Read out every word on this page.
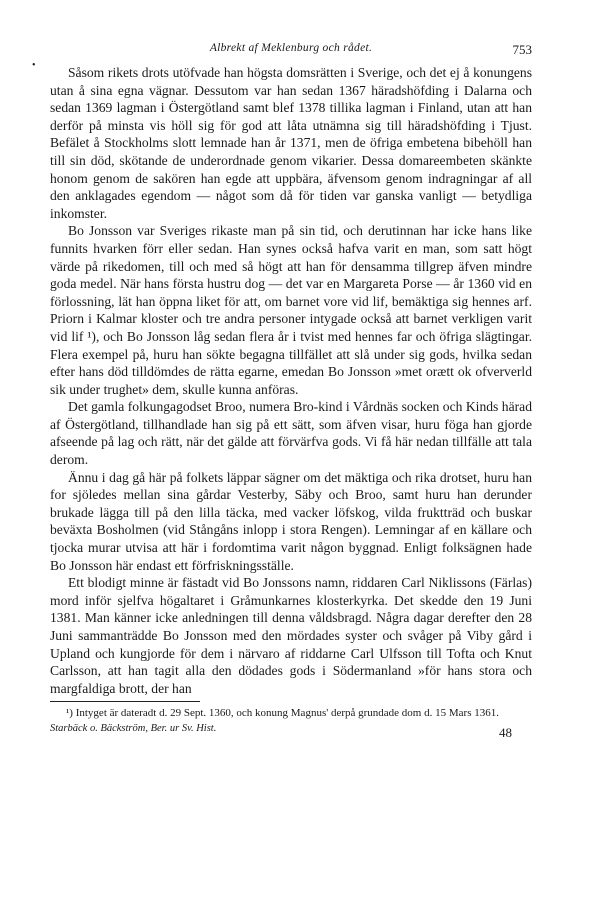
•
Albrekt af Meklenburg och rådet.	753

Såsom rikets drots utöfvade han högsta domsrätten i Sverige, och det ej å konungens utan å sina egna vägnar. Dessutom var han sedan 1367 häradshöfding i Dalarna och sedan 1369 lagman i Östergötland samt blef 1378 tillika lagman i Finland, utan att han derför på minsta vis höll sig för god att låta utnämna sig till häradshöfding i Tjust. Befälet å Stockholms slott lemnade han år 1371, men de öfriga embetena bibehöll han till sin död, skötande de underordnade genom vikarier. Dessa domareembeten skänkte honom genom de sakören han egde att uppbära, äfvensom genom indragningar af all den anklagades egendom — något som då för tiden var ganska vanligt — betydliga inkomster.

Bo Jonsson var Sveriges rikaste man på sin tid, och derutinnan har icke hans like funnits hvarken förr eller sedan. Han synes också hafva varit en man, som satt högt värde på rikedomen, till och med så högt att han för densamma tillgrep äfven mindre goda medel. När hans första hustru dog — det var en Margareta Porse — år 1360 vid en förlossning, lät han öppna liket för att, om barnet vore vid lif, bemäktiga sig hennes arf. Priorn i Kalmar kloster och tre andra personer intygade också att barnet verkligen varit vid lif ¹), och Bo Jonsson låg sedan flera år i tvist med hennes far och öfriga slägtingar. Flera exempel på, huru han sökte begagna tillfället att slå under sig gods, hvilka sedan efter hans död tilldömdes de rätta egarne, emedan Bo Jonsson »met orætt ok ofververld sik under trughet» dem, skulle kunna anföras.

Det gamla folkungagodset Broo, numera Bro-kind i Vårdnäs socken och Kinds härad af Östergötland, tillhandlade han sig på ett sätt, som äfven visar, huru föga han gjorde afseende på lag och rätt, när det gälde att förvärfva gods. Vi få här nedan tillfälle att tala derom.

Ännu i dag gå här på folkets läppar sägner om det mäktiga och rika drotset, huru han for sjöledes mellan sina gårdar Vesterby, Säby och Broo, samt huru han derunder brukade lägga till på den lilla täcka, med vacker löfskog, vilda fruktträd och buskar beväxta Bosholmen (vid Stångåns inlopp i stora Rengen). Lemningar af en källare och tjocka murar utvisa att här i fordomtima varit någon byggnad. Enligt folksägnen hade Bo Jonsson här endast ett förfriskningsställe.

Ett blodigt minne är fästadt vid Bo Jonssons namn, riddaren Carl Niklissons (Färlas) mord inför sjelfva högaltaret i Gråmunkarnes klosterkyrka. Det skedde den 19 Juni 1381. Man känner icke anledningen till denna våldsbragd. Några dagar derefter den 28 Juni sammanträdde Bo Jonsson med den mördades syster och svåger på Viby gård i Upland och kungjorde för dem i närvaro af riddarne Carl Ulfsson till Tofta och Knut Carlsson, att han tagit alla den dödades gods i Södermanland »för hans stora och margfaldiga brott, der han

¹) Intyget är dateradt d. 29 Sept. 1360, och konung Magnus' derpå grundade dom d. 15 Mars 1361.
Starbäck o. Bäckström, Ber. ur Sv. Hist.	48
